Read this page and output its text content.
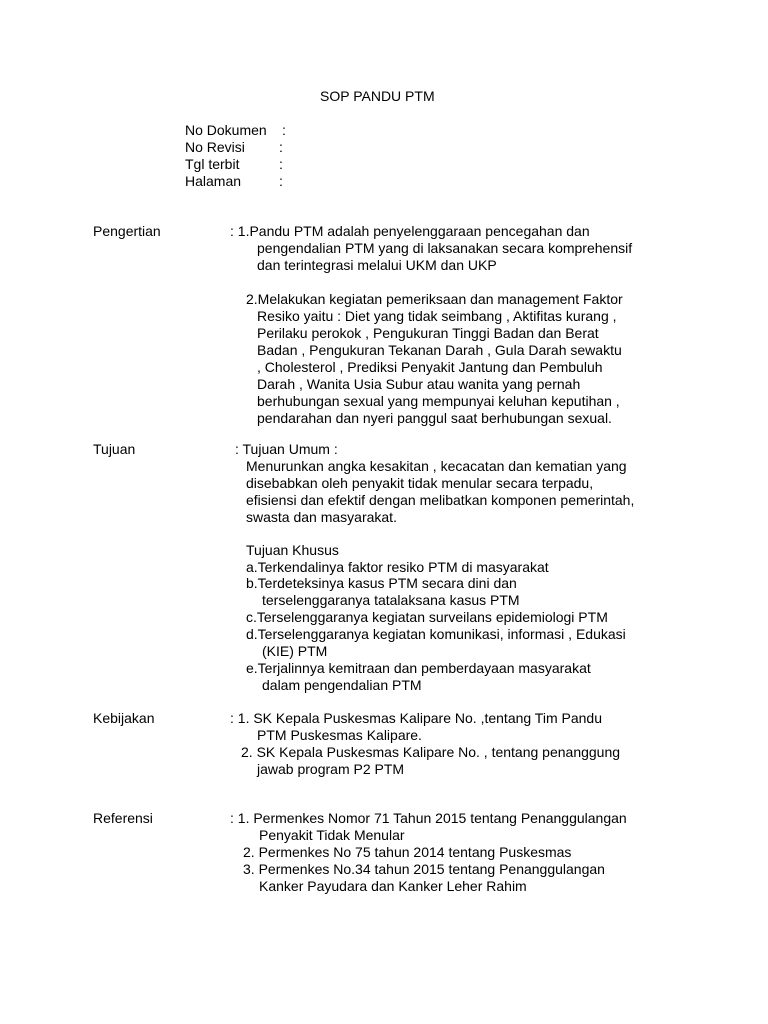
SOP PANDU PTM
No Dokumen :
No Revisi :
Tgl terbit	:
Halaman	:
Pengertian	: 1.Pandu PTM adalah penyelenggaraan pencegahan dan
pengendalian PTM yang di laksanakan secara komprehensif
dan terintegrasi melalui UKM dan UKP
2.Melakukan kegiatan pemeriksaan dan management Faktor
Resiko yaitu : Diet yang tidak seimbang , Aktifitas kurang ,
Perilaku perokok , Pengukuran Tinggi Badan dan Berat
Badan , Pengukuran Tekanan Darah , Gula Darah sewaktu
, Cholesterol , Prediksi Penyakit Jantung dan Pembuluh
Darah , Wanita Usia Subur atau wanita yang pernah
berhubungan sexual yang mempunyai keluhan keputihan ,
pendarahan dan nyeri panggul saat berhubungan sexual.
Tujuan	: Tujuan Umum :
Menurunkan angka kesakitan , kecacatan dan kematian yang
disebabkan oleh penyakit tidak menular secara terpadu,
efisiensi dan efektif dengan melibatkan komponen pemerintah,
swasta dan masyarakat.
Tujuan Khusus
a.Terkendalinya faktor resiko PTM di masyarakat
b.Terdeteksinya kasus PTM secara dini dan
terselenggaranya tatalaksana kasus PTM
c.Terselenggaranya kegiatan surveilans epidemiologi PTM
d.Terselenggaranya kegiatan komunikasi, informasi , Edukasi
(KIE) PTM
e.Terjalinnya kemitraan dan pemberdayaan masyarakat
dalam pengendalian PTM
Kebijakan	: 1. SK Kepala Puskesmas Kalipare No. ,tentang Tim Pandu
PTM Puskesmas Kalipare.
2. SK Kepala Puskesmas Kalipare No. , tentang penanggung
jawab program P2 PTM
Referensi	: 1. Permenkes Nomor 71 Tahun 2015 tentang Penanggulangan
Penyakit Tidak Menular
2. Permenkes No 75 tahun 2014 tentang Puskesmas
3. Permenkes No.34 tahun 2015 tentang Penanggulangan
Kanker Payudara dan Kanker Leher Rahim
